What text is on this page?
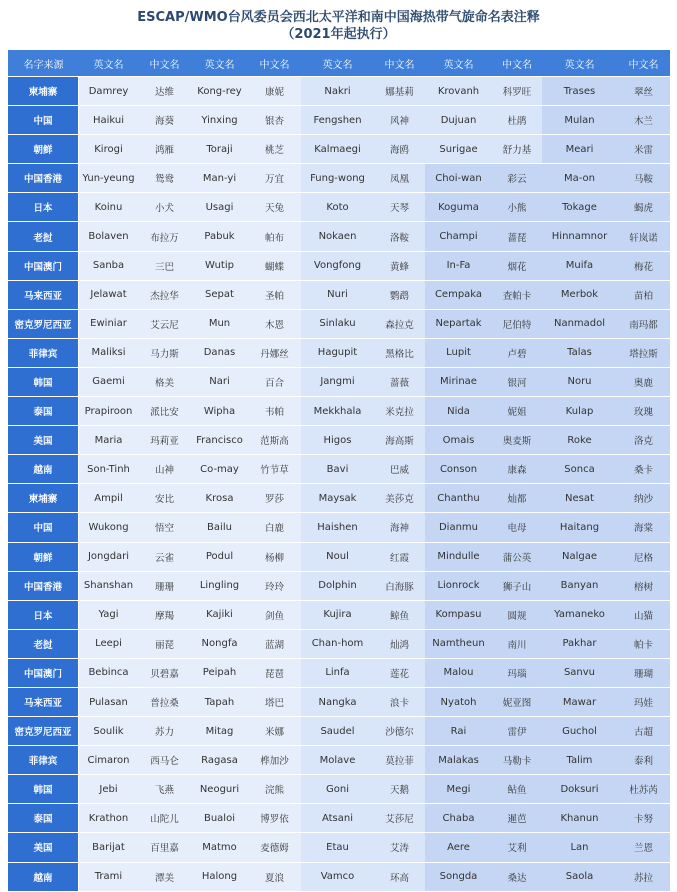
ESCAP/WMO台风委员会西北太平洋和南中国海热带气旋命名表注释
（2021年起执行）
名字来源	英文名	中文名	英文名	中文名	英文名	中文名	英文名	中文名	英文名	中文名
柬埔寨	Damrey	达维	Kong-rey	康妮	Nakri	娜基莉	Krovanh	科罗旺	Trases	翠丝
中国	Haikui	海葵	Yinxing	银杏	Fengshen	风神	Dujuan	杜鹃	Mulan	木兰
朝鲜	Kirogi	鸿雁	Toraji	桃芝	Kalmaegi	海鸥	Surigae	舒力基	Meari	米雷
中国香港	Yun-yeung	鸳鸯	Man-yi	万宜	Fung-wong	凤凰	Choi-wan	彩云	Ma-on	马鞍
日本	Koinu	小犬	Usagi	天兔	Koto	天琴	Koguma	小熊	Tokage	蝎虎
老挝	Bolaven	布拉万	Pabuk	帕布	Nokaen	洛鞍	Champi	蔷琵	Hinnamnor	轩岚诺
中国澳门	Sanba	三巴	Wutip	蝴蝶	Vongfong	黄蜂	In-Fa	烟花	Muifa	梅花
马来西亚	Jelawat	杰拉华	Sepat	圣帕	Nuri	鹦鹉	Cempaka	查帕卡	Merbok	苗柏
密克罗尼西亚	Ewiniar	艾云尼	Mun	木恩	Sinlaku	森拉克	Nepartak	尼伯特	Nanmadol	南玛都
菲律宾	Maliksi	马力斯	Danas	丹娜丝	Hagupit	黑格比	Lupit	卢碧	Talas	塔拉斯
韩国	Gaemi	格美	Nari	百合	Jangmi	蔷薇	Mirinae	银河	Noru	奥鹿
泰国	Prapiroon	派比安	Wipha	韦帕	Mekkhala	米克拉	Nida	妮姐	Kulap	玫瑰
美国	Maria	玛莉亚	Francisco	范斯高	Higos	海高斯	Omais	奥麦斯	Roke	洛克
越南	Son-Tinh	山神	Co-may	竹节草	Bavi	巴威	Conson	康森	Sonca	桑卡
柬埔寨	Ampil	安比	Krosa	罗莎	Maysak	美莎克	Chanthu	灿都	Nesat	纳沙
中国	Wukong	悟空	Bailu	白鹿	Haishen	海神	Dianmu	电母	Haitang	海棠
朝鲜	Jongdari	云雀	Podul	杨柳	Noul	红霞	Mindulle	蒲公英	Nalgae	尼格
中国香港	Shanshan	珊珊	Lingling	玲玲	Dolphin	白海豚	Lionrock	狮子山	Banyan	榕树
日本	Yagi	摩羯	Kajiki	剑鱼	Kujira	鲸鱼	Kompasu	圆规	Yamaneko	山猫
老挝	Leepi	丽琵	Nongfa	蓝湖	Chan-hom	灿鸿	Namtheun	南川	Pakhar	帕卡
中国澳门	Bebinca	贝碧嘉	Peipah	琵琶	Linfa	莲花	Malou	玛瑙	Sanvu	珊瑚
马来西亚	Pulasan	普拉桑	Tapah	塔巴	Nangka	浪卡	Nyatoh	妮亚图	Mawar	玛娃
密克罗尼西亚	Soulik	苏力	Mitag	米娜	Saudel	沙德尔	Rai	雷伊	Guchol	古超
菲律宾	Cimaron	西马仑	Ragasa	桦加沙	Molave	莫拉菲	Malakas	马勒卡	Talim	泰利
韩国	Jebi	飞燕	Neoguri	浣熊	Goni	天鹅	Megi	鲇鱼	Doksuri	杜苏芮
泰国	Krathon	山陀儿	Bualoi	博罗依	Atsani	艾莎尼	Chaba	暹芭	Khanun	卡努
美国	Barijat	百里嘉	Matmo	麦德姆	Etau	艾涛	Aere	艾利	Lan	兰恩
越南	Trami	潭美	Halong	夏浪	Vamco	环高	Songda	桑达	Saola	苏拉
